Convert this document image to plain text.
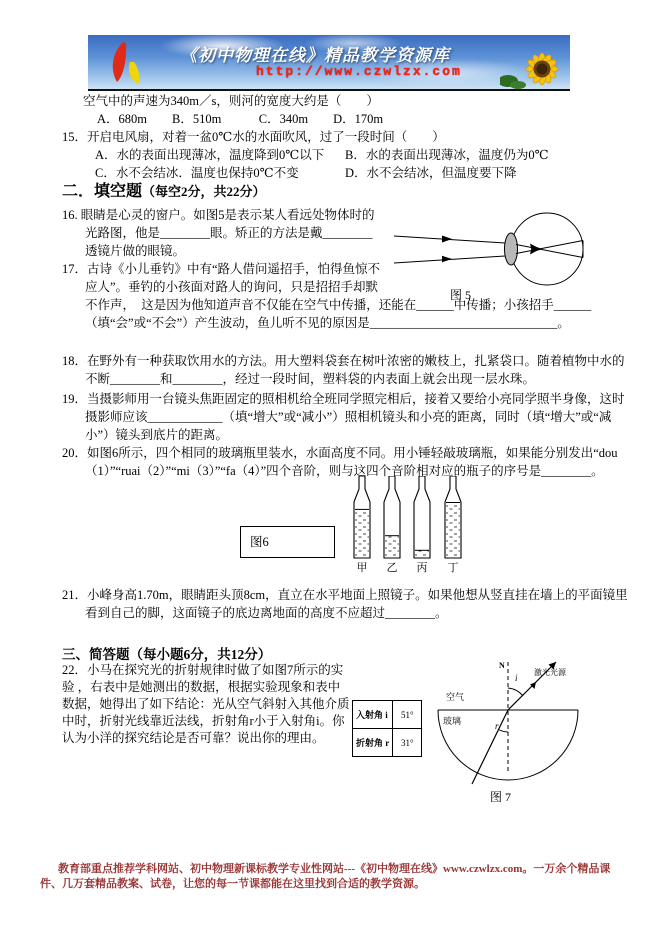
《初中物理在线》精品教学资源库
http://www.czwlzx.com
空气中的声速为340m／s，则河的宽度大约是（　　）
A．680m　　B．510m　　　C．340m　　D．170m
15．开启电风扇，对着一盆0℃水的水面吹风，过了一段时间（　　）
A．水的表面出现薄冰，温度降到0℃以下	B．水的表面出现薄冰，温度仍为0℃
C．水不会结冰．温度也保持0℃不变	D．水不会结冰，但温度要下降
二．填空题（每空2分，共22分）
16. 眼睛是心灵的窗户。如图5是表示某人看远处物体时的光路图，他是________眼。矫正的方法是戴________透镜片做的眼镜。
17．古诗《小儿垂钓》中有“路人借问遥招手，怕得鱼惊不应人”。垂钓的小孩面对路人的询问，只是招招手却默不作声，　这是因为他知道声音不仅能在空气中传播，还能在______中传播；小孩招手______（填“会”或“不会”）产生波动，鱼儿听不见的原因是______________________________。
图 5
18．在野外有一种获取饮用水的方法。用大塑料袋套在树叶浓密的嫩枝上，扎紧袋口。随着植物中水的不断________和________，经过一段时间，塑料袋的内表面上就会出现一层水珠。
19．当摄影师用一台镜头焦距固定的照相机给全班同学照完相后，接着又要给小亮同学照半身像，这时摄影师应该____________（填“增大”或“减小”）照相机镜头和小亮的距离，同时（填“增大”或“减小”）镜头到底片的距离。
20．如图6所示，四个相同的玻璃瓶里装水，水面高度不同。用小锤轻敲玻璃瓶，如果能分别发出“dou（1）”“ruai（2）”“mi（3）”“fa（4）”四个音阶，则与这四个音阶相对应的瓶子的序号是________。
图6
甲 乙 丙 丁
21．小峰身高1.70m，眼睛距头顶8cm，直立在水平地面上照镜子。如果他想从竖直挂在墙上的平面镜里看到自己的脚，这面镜子的底边离地面的高度不应超过________。
三、简答题（每小题6分，共12分）
22．小马在探究光的折射规律时做了如图7所示的实验 ，右表中是她测出的数据，根据实验现象和表中数据，她得出了如下结论：光从空气斜射入其他介质中时，折射光线靠近法线，折射角r小于入射角i。你认为小洋的探究结论是否可靠？说出你的理由。
入射角 i	51°
折射角 r	31°
N
空气
玻璃
i
激光光源
r
图 7
教育部重点推荐学科网站、初中物理新课标教学专业性网站---《初中物理在线》www.czwlzx.com。一万余个精品课件、几万套精品教案、试卷，让您的每一节课都能在这里找到合适的教学资源。
